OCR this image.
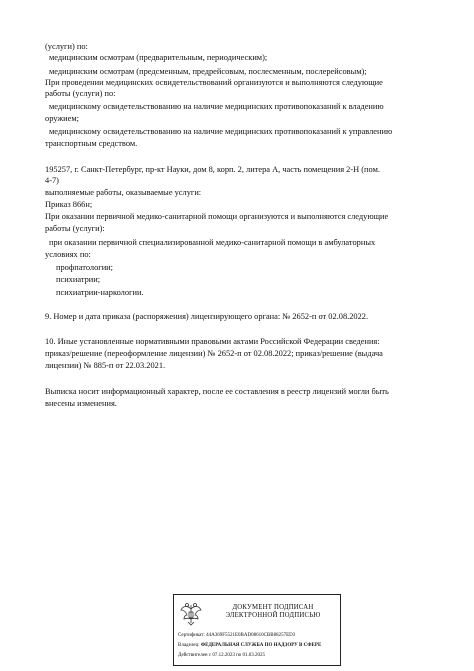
(услуги) по:
медицинским осмотрам (предварительным, периодическим);
медицинским осмотрам (предсменным, предрейсовым, послесменным, послерейсовым);
При проведении медицинских освидетельствований организуются и выполняются следующие
работы (услуги) по:
медицинскому освидетельствованию на наличие медицинских противопоказаний к владению
оружием;
медицинскому освидетельствованию на наличие медицинских противопоказаний к управлению
транспортным средством.
195257, г. Санкт-Петербург, пр-кт Науки, дом 8, корп. 2, литера А, часть помещения 2-Н (пом.
4-7)
выполняемые работы, оказываемые услуги:
Приказ 866н;
При оказании первичной медико-санитарной помощи организуются и выполняются следующие
работы (услуги):
при оказании первичной специализированной медико-санитарной помощи в амбулаторных
условиях по:
профпатологии;
психиатрии;
психиатрии-наркологии.
9. Номер и дата приказа (распоряжения) лицензирующего органа: № 2652-п от 02.08.2022.
10. Иные установленные нормативными правовыми актами Российской Федерации сведения:
приказ/решение (переоформление лицензии) № 2652-п от 02.08.2022; приказ/решение (выдача
лицензии) № 885-п от 22.03.2021.
Выписка носит информационный характер, после ее составления в реестр лицензий могли быть
внесены изменения.
ДОКУМЕНТ ПОДПИСАН
ЭЛЕКТРОННОЙ ПОДПИСЬЮ
Сертификат: 44A369F5521E0BAD08610CBB88257ED3
Владелец: ФЕДЕРАЛЬНАЯ СЛУЖБА ПО НАДЗОРУ В СФЕРЕ
Действителен с 07.12.2023 по 01.03.2025
